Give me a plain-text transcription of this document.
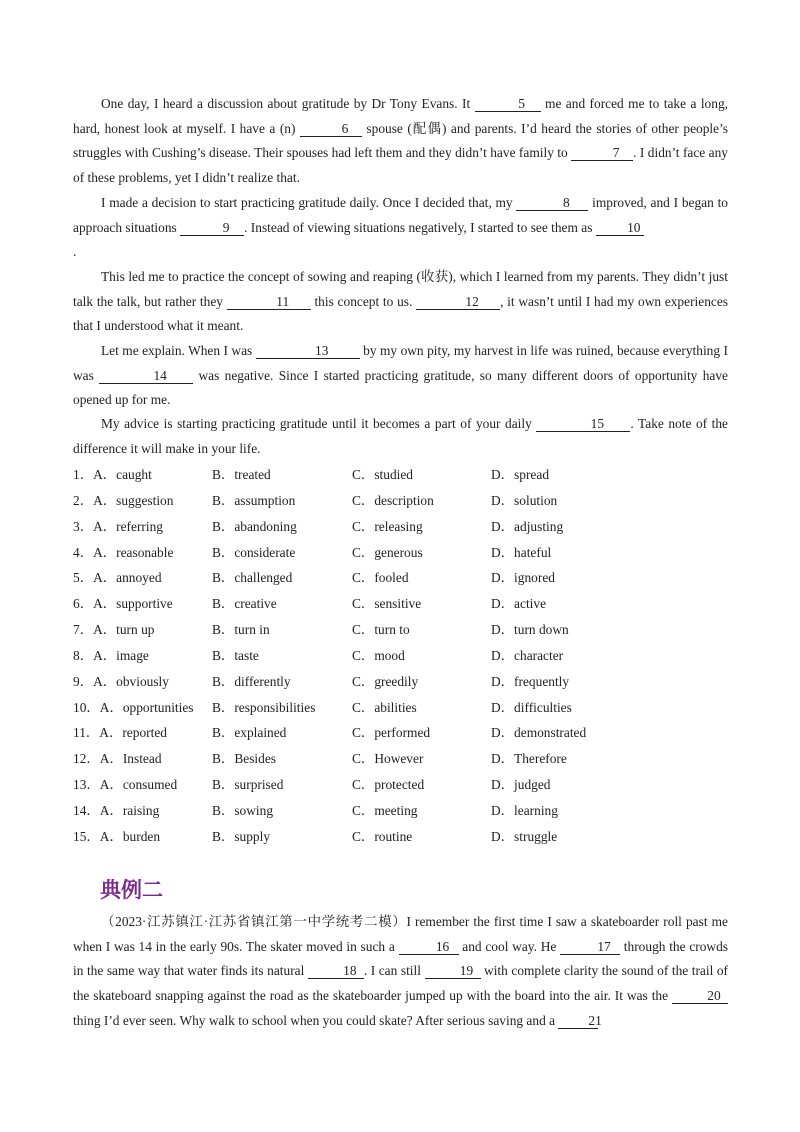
One day, I heard a discussion about gratitude by Dr Tony Evans. It	5 me and forced me to take a long, hard, honest look at myself. I have a (n)	6 spouse (配偶) and parents. I’d heard the stories of other people’s struggles with Cushing’s disease. Their spouses had left them and they didn’t have family to	7 . I didn’t face any of these problems, yet I didn’t realize that.

I made a decision to start practicing gratitude daily. Once I decided that, my	8 improved, and I began to approach situations	9 . Instead of viewing situations negatively, I started to see them as 10
.

This led me to practice the concept of sowing and reaping (收获), which I learned from my parents. They didn’t just talk the talk, but rather they	11 this concept to us.	12 , it wasn’t until I had my own experiences that I understood what it meant.

Let me explain. When I was	13 by my own pity, my harvest in life was ruined, because everything I was	14 was negative. Since I started practicing gratitude, so many different doors of opportunity have opened up for me.

My advice is starting practicing gratitude until it becomes a part of your daily	15 . Take note of the difference it will make in your life.

1．A．caught	B．treated	C．studied	D．spread
2．A．suggestion	B．assumption	C．description	D．solution
3．A．referring	B．abandoning	C．releasing	D．adjusting
4．A．reasonable	B．considerate	C．generous	D．hateful
5．A．annoyed	B．challenged	C．fooled	D．ignored
6．A．supportive	B．creative	C．sensitive	D．active
7．A．turn up	B．turn in	C．turn to	D．turn down
8．A．image	B．taste	C．mood	D．character
9．A．obviously	B．differently	C．greedily	D．frequently
10．A．opportunities B．responsibilities	C．abilities	D．difficulties
11．A．reported	B．explained	C．performed	D．demonstrated
12．A．Instead	B．Besides	C．However	D．Therefore
13．A．consumed	B．surprised	C．protected	D．judged
14．A．raising	B．sowing	C．meeting	D．learning
15．A．burden	B．supply	C．routine	D．struggle
典例二

（2023·江苏镇江·江苏省镇江第一中学统考二模）I remember the first time I saw a skateboarder roll past me when I was 14 in the early 90s. The skater moved in such a	16 and cool way. He	17 through the crowds in the same way that water finds its natural	18 . I can still	19 with complete clarity the sound of the trail of the skateboard snapping against the road as the skateboarder jumped up with the board into the air. It was the	20 thing I’d ever seen. Why walk to school when you could skate? After serious saving and a 21
